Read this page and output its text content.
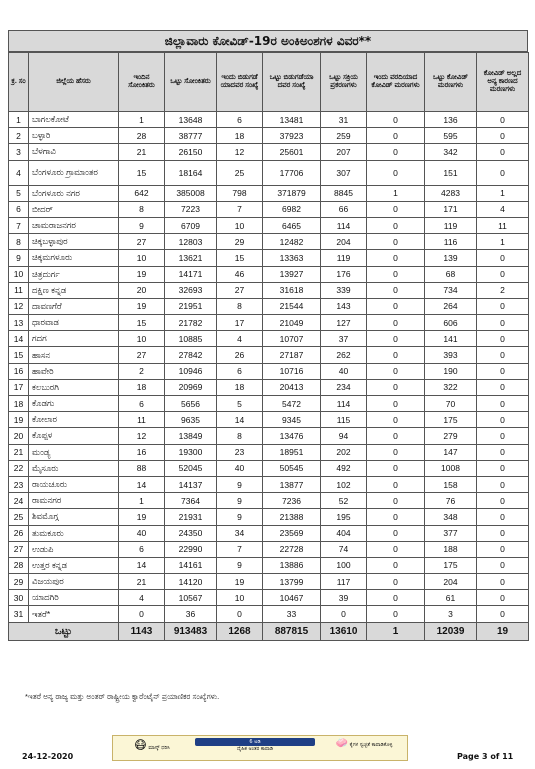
ಜಿಲ್ಲಾವಾರು ಕೋವಿಡ್-19ರ ಅಂಕಿಅಂಶಗಳ ವಿವರ**
ಕ್ರ. ಸಂ	ಜಿಲ್ಲೆಯ ಹೆಸರು	ಇಂದಿನ ಸೋಂಕಿತರು	ಒಟ್ಟು ಸೋಂಕಿತರು	ಇಂದು ಬಿಡುಗಡೆ ಯಾದವರ ಸಂಖ್ಯೆ	ಒಟ್ಟು ಬಿಡುಗಡೆಯಾ ದವರ ಸಂಖ್ಯೆ	ಒಟ್ಟು ಸಕ್ರಿಯ ಪ್ರಕರಣಗಳು	ಇಂದು ವರದಿಯಾದ ಕೋವಿಡ್ ಮರಣಗಳು	ಒಟ್ಟು ಕೋವಿಡ್ ಮರಣಗಳು	ಕೋವಿಡ್ ಅಲ್ಲದ ಅನ್ಯ ಕಾರಣದ ಮರಣಗಳು
1	ಬಾಗಲಕೋಟೆ	1	13648	6	13481	31	0	136	0
2	ಬಳ್ಳಾರಿ	28	38777	18	37923	259	0	595	0
3	ಬೆಳಗಾವಿ	21	26150	12	25601	207	0	342	0
4	ಬೆಂಗಳೂರು ಗ್ರಾಮಾಂತರ	15	18164	25	17706	307	0	151	0
5	ಬೆಂಗಳೂರು ನಗರ	642	385008	798	371879	8845	1	4283	1
6	ಬೀದರ್	8	7223	7	6982	66	0	171	4
7	ಚಾಮರಾಜನಗರ	9	6709	10	6465	114	0	119	11
8	ಚಿಕ್ಕಬಳ್ಳಾಪುರ	27	12803	29	12482	204	0	116	1
9	ಚಿಕ್ಕಮಗಳೂರು	10	13621	15	13363	119	0	139	0
10	ಚಿತ್ರದುರ್ಗ	19	14171	46	13927	176	0	68	0
11	ದಕ್ಷಿಣ ಕನ್ನಡ	20	32693	27	31618	339	0	734	2
12	ದಾವಣಗೆರೆ	19	21951	8	21544	143	0	264	0
13	ಧಾರವಾಡ	15	21782	17	21049	127	0	606	0
14	ಗದಗ	10	10885	4	10707	37	0	141	0
15	ಹಾಸನ	27	27842	26	27187	262	0	393	0
16	ಹಾವೇರಿ	2	10946	6	10716	40	0	190	0
17	ಕಲಬುರಗಿ	18	20969	18	20413	234	0	322	0
18	ಕೊಡಗು	6	5656	5	5472	114	0	70	0
19	ಕೋಲಾರ	11	9635	14	9345	115	0	175	0
20	ಕೊಪ್ಪಳ	12	13849	8	13476	94	0	279	0
21	ಮಂಡ್ಯ	16	19300	23	18951	202	0	147	0
22	ಮೈಸೂರು	88	52045	40	50545	492	0	1008	0
23	ರಾಯಚೂರು	14	14137	9	13877	102	0	158	0
24	ರಾಮನಗರ	1	7364	9	7236	52	0	76	0
25	ಶಿವಮೊಗ್ಗ	19	21931	9	21388	195	0	348	0
26	ತುಮಕೂರು	40	24350	34	23569	404	0	377	0
27	ಉಡುಪಿ	6	22990	7	22728	74	0	188	0
28	ಉತ್ತರ ಕನ್ನಡ	14	14161	9	13886	100	0	175	0
29	ವಿಜಯಪುರ	21	14120	19	13799	117	0	204	0
30	ಯಾದಗಿರಿ	4	10567	10	10467	39	0	61	0
31	ಇತರೆ*	0	36	0	33	0	0	3	0
ಒಟ್ಟು		1143	913483	1268	887815	13610	1	12039	19
*ಇತರೆ ಅನ್ಯ ರಾಜ್ಯ ಮತ್ತು ಅಂತರ್ ರಾಷ್ಟ್ರೀಯ ಕ್ವಾರೆಂಟೈನ್ ಪ್ರಯಾಣಿಕರ ಸಂಖ್ಯೆಗಳು.
😷 ಮಾಸ್ಕ್ ಧರಿಸಿ
6 ಅಡಿ
ದೈಹಿಕ ಅಂತರ ಕಾಪಾಡಿ	🧼 ಕೈಗಳ ಸ್ವಚ್ಛತೆ ಕಾಪಾಡಿಕೊಳ್ಳಿ
24-12-2020	Page 3 of 11
